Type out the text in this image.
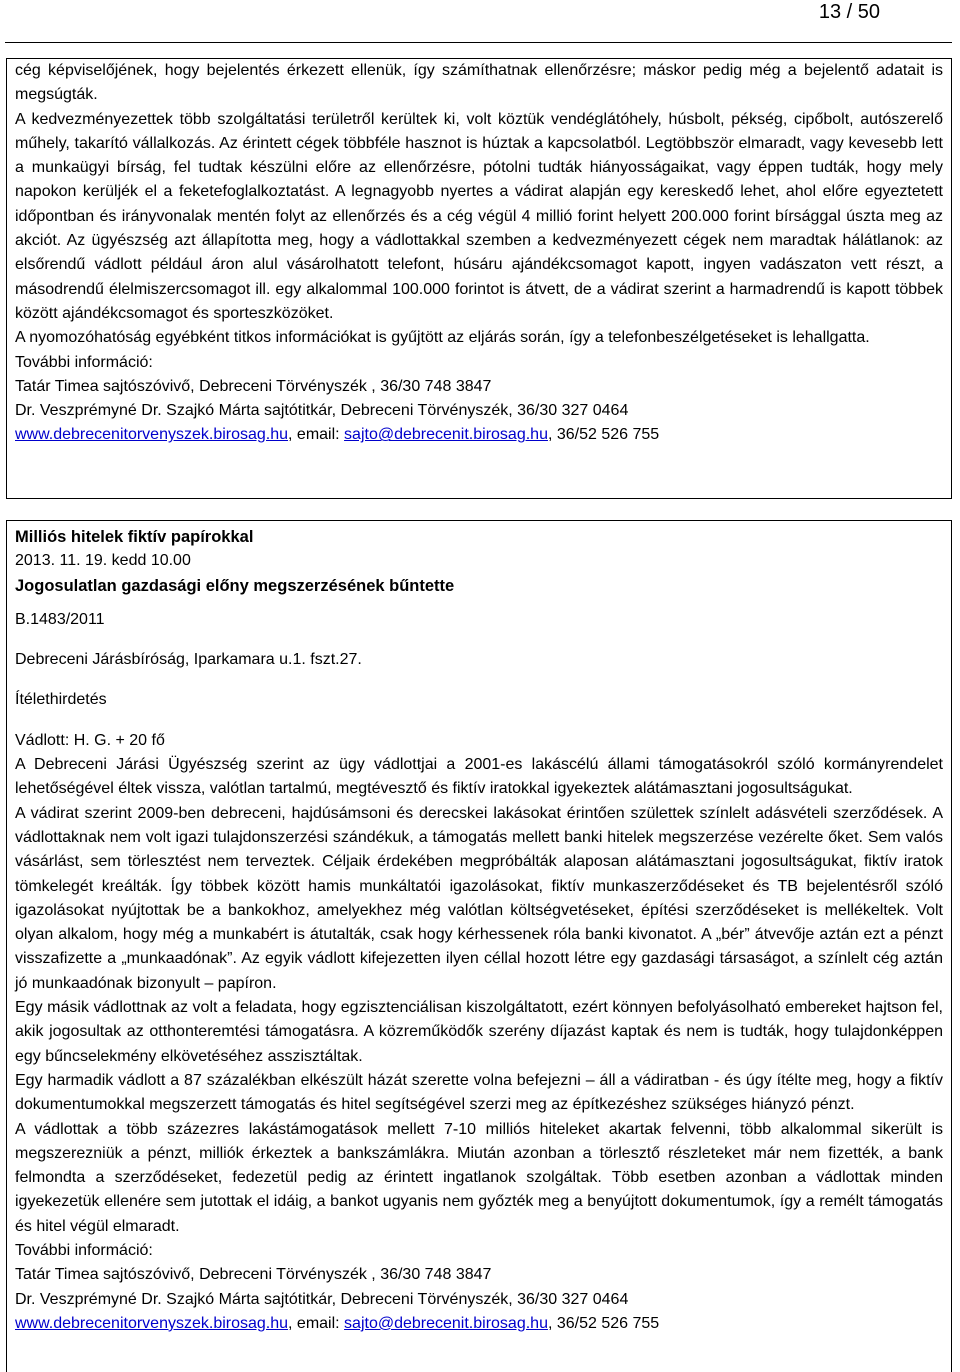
13 / 50

cég képviselőjének, hogy bejelentés érkezett ellenük, így számíthatnak ellenőrzésre; máskor pedig még a bejelentő adatait is megsúgták.

A kedvezményezettek több szolgáltatási területről kerültek ki, volt köztük vendéglátóhely, húsbolt, pékség, cipőbolt, autószerelő műhely, takarító vállalkozás. Az érintett cégek többféle hasznot is húztak a kapcsolatból. Legtöbbször elmaradt, vagy kevesebb lett a munkaügyi bírság, fel tudtak készülni előre az ellenőrzésre, pótolni tudták hiányosságaikat, vagy éppen tudták, hogy mely napokon kerüljék el a feketefoglalkoztatást. A legnagyobb nyertes a vádirat alapján egy kereskedő lehet, ahol előre egyeztetett időpontban és irányvonalak mentén folyt az ellenőrzés és a cég végül 4 millió forint helyett 200.000 forint bírsággal úszta meg az akciót. Az ügyészség azt állapította meg, hogy a vádlottakkal szemben a kedvezményezett cégek nem maradtak hálátlanok: az elsőrendű vádlott például áron alul vásárolhatott telefont, húsáru ajándékcsomagot kapott, ingyen vadászaton vett részt, a másodrendű élelmiszercsomagot ill. egy alkalommal 100.000 forintot is átvett, de a vádirat szerint a harmadrendű is kapott többek között ajándékcsomagot és sporteszközöket.

A nyomozóhatóság egyébként titkos információkat is gyűjtött az eljárás során, így a telefonbeszélgetéseket is lehallgatta.

További információ:
Tatár Timea sajtószóvivő, Debreceni Törvényszék , 36/30 748 3847
Dr. Veszprémyné Dr. Szajkó Márta sajtótitkár, Debreceni Törvényszék, 36/30 327 0464
www.debrecenitorvenyszek.birosag.hu, email: sajto@debrecenit.birosag.hu, 36/52 526 755
Milliós hitelek fiktív papírokkal
2013. 11. 19. kedd 10.00
Jogosulatlan gazdasági előny megszerzésének bűntette
B.1483/2011
Debreceni Járásbíróság, Iparkamara u.1. fszt.27.
Ítélethirdetés
Vádlott: H. G. + 20 fő

A Debreceni Járási Ügyészség szerint az ügy vádlottjai a 2001-es lakáscélú állami támogatásokról szóló kormányrendelet lehetőségével éltek vissza, valótlan tartalmú, megtévesztő és fiktív iratokkal igyekeztek alátámasztani jogosultságukat.

A vádirat szerint 2009-ben debreceni, hajdúsámsoni és derecskei lakásokat érintően születtek színlelt adásvételi szerződések. A vádlottaknak nem volt igazi tulajdonszerzési szándékuk, a támogatás mellett banki hitelek megszerzése vezérelte őket. Sem valós vásárlást, sem törlesztést nem terveztek. Céljaik érdekében megpróbálták alaposan alátámasztani jogosultságukat, fiktív iratok tömkelegét kreálták. Így többek között hamis munkáltatói igazolásokat, fiktív munkaszerződéseket és TB bejelentésről szóló igazolásokat nyújtottak be a bankokhoz, amelyekhez még valótlan költségvetéseket, építési szerződéseket is mellékeltek. Volt olyan alkalom, hogy még a munkabért is átutalták, csak hogy kérhessenek róla banki kivonatot. A „bér” átvevője aztán ezt a pénzt visszafizette a „munkaadónak”. Az egyik vádlott kifejezetten ilyen céllal hozott létre egy gazdasági társaságot, a színlelt cég aztán jó munkaadónak bizonyult – papíron.

Egy másik vádlottnak az volt a feladata, hogy egzisztenciálisan kiszolgáltatott, ezért könnyen befolyásolható embereket hajtson fel, akik jogosultak az otthonteremtési támogatásra. A közreműködők szerény díjazást kaptak és nem is tudták, hogy tulajdonképpen egy bűncselekmény elkövetéséhez asszisztáltak.

Egy harmadik vádlott a 87 százalékban elkészült házát szerette volna befejezni – áll a vádiratban - és úgy ítélte meg, hogy a fiktív dokumentumokkal megszerzett támogatás és hitel segítségével szerzi meg az építkezéshez szükséges hiányzó pénzt.

A vádlottak a több százezres lakástámogatások mellett 7-10 milliós hiteleket akartak felvenni, több alkalommal sikerült is megszerezniük a pénzt, milliók érkeztek a bankszámlákra. Miután azonban a törlesztő részleteket már nem fizették, a bank felmondta a szerződéseket, fedezetül pedig az érintett ingatlanok szolgáltak. Több esetben azonban a vádlottak minden igyekezetük ellenére sem jutottak el idáig, a bankot ugyanis nem győzték meg a benyújtott dokumentumok, így a remélt támogatás és hitel végül elmaradt.

További információ:
Tatár Timea sajtószóvivő, Debreceni Törvényszék , 36/30 748 3847
Dr. Veszprémyné Dr. Szajkó Márta sajtótitkár, Debreceni Törvényszék, 36/30 327 0464
www.debrecenitorvenyszek.birosag.hu, email: sajto@debrecenit.birosag.hu, 36/52 526 755
